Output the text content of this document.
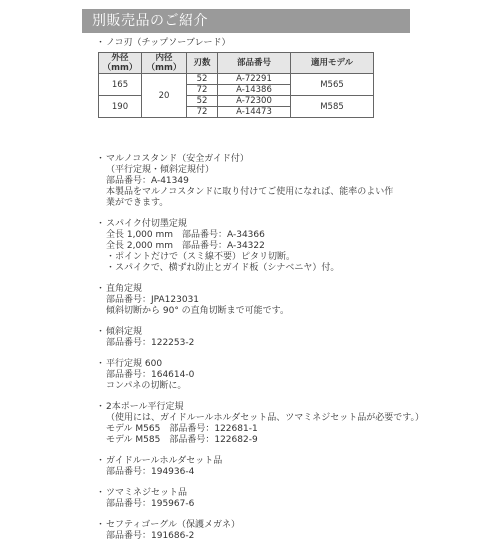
別販売品のご紹介
・ ノコ刃（チップソーブレード）
外径（mm）	内径（mm）	刃数	部品番号	適用モデル
165	20	52	A-72291	M565
		72	A-14386	
190		52	A-72300	M585
		72	A-14473	
・ マルノコスタンド（安全ガイド付）
（平行定規・傾斜定規付）
部品番号：A-41349
本製品をマルノコスタンドに取り付けてご使用になれば、能率のよい作
業ができます。
・ スパイク付切墨定規
全長 1,000 mm　部品番号：A-34366
全長 2,000 mm　部品番号：A-34322
・ポイントだけで（スミ線不要）ピタリ切断。
・スパイクで、横ずれ防止とガイド板（シナベニヤ）付。
・ 直角定規
部品番号：JPA123031
傾斜切断から 90° の直角切断まで可能です。
・ 傾斜定規
部品番号：122253-2
・ 平行定規 600
部品番号：164614-0
コンパネの切断に。
・ 2本ポール平行定規
（使用には、ガイドルールホルダセット品、ツマミネジセット品が必要です。）
モデル M565　部品番号：122681-1
モデル M585　部品番号：122682-9
・ ガイドルールホルダセット品
部品番号：194936-4
・ ツマミネジセット品
部品番号：195967-6
・ セフティゴーグル（保護メガネ）
部品番号：191686-2
